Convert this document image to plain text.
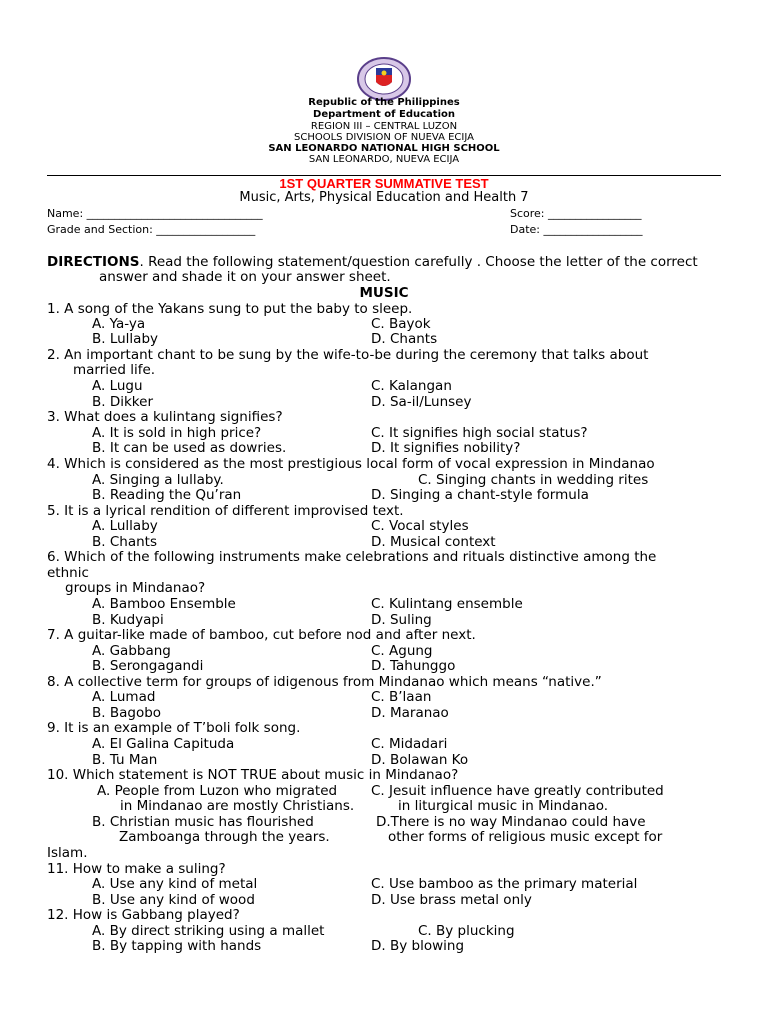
Republic of the Philippines
Department of Education
REGION III – CENTRAL LUZON
SCHOOLS DIVISION OF NUEVA ECIJA
SAN LEONARDO NATIONAL HIGH SCHOOL
SAN LEONARDO, NUEVA ECIJA
1ST QUARTER SUMMATIVE TEST
Music, Arts, Physical Education and Health 7
Name: ________________________________	Score: _________________
Grade and Section: __________________	Date: __________________
DIRECTIONS. Read the following statement/question carefully . Choose the letter of the correct
answer and shade it on your answer sheet.
MUSIC
1. A song of the Yakans sung to put the baby to sleep.
A. Ya-ya	C. Bayok
B. Lullaby	D. Chants
2. An important chant to be sung by the wife-to-be during the ceremony that talks about
married life.
A. Lugu	C. Kalangan
B. Dikker	D. Sa-il/Lunsey
3. What does a kulintang signifies?
A. It is sold in high price?	C. It signifies high social status?
B. It can be used as dowries.	D. It signifies nobility?
4. Which is considered as the most prestigious local form of vocal expression in Mindanao
A. Singing a lullaby.	C. Singing chants in wedding rites
B. Reading the Qu’ran	D. Singing a chant-style formula
5. It is a lyrical rendition of different improvised text.
A. Lullaby	C. Vocal styles
B. Chants	D. Musical context
6. Which of the following instruments make celebrations and rituals distinctive among the
ethnic
groups in Mindanao?
A. Bamboo Ensemble	C. Kulintang ensemble
B. Kudyapi	D. Suling
7. A guitar-like made of bamboo, cut before nod and after next.
A. Gabbang	C. Agung
B. Serongagandi	D. Tahunggo
8. A collective term for groups of idigenous from Mindanao which means “native.”
A. Lumad	C. B’laan
B. Bagobo	D. Maranao
9. It is an example of T’boli folk song.
A. El Galina Capituda	C. Midadari
B. Tu Man	D. Bolawan Ko
10. Which statement is NOT TRUE about music in Mindanao?
A. People from Luzon who migrated	C. Jesuit influence have greatly contributed
in Mindanao are mostly Christians.	in liturgical music in Mindanao.
B. Christian music has flourished	D.There is no way Mindanao could have
Zamboanga through the years.	other forms of religious music except for
Islam.
11. How to make a suling?
A. Use any kind of metal	C. Use bamboo as the primary material
B. Use any kind of wood	D. Use brass metal only
12. How is Gabbang played?
A. By direct striking using a mallet	C. By plucking
B. By tapping with hands	D. By blowing
